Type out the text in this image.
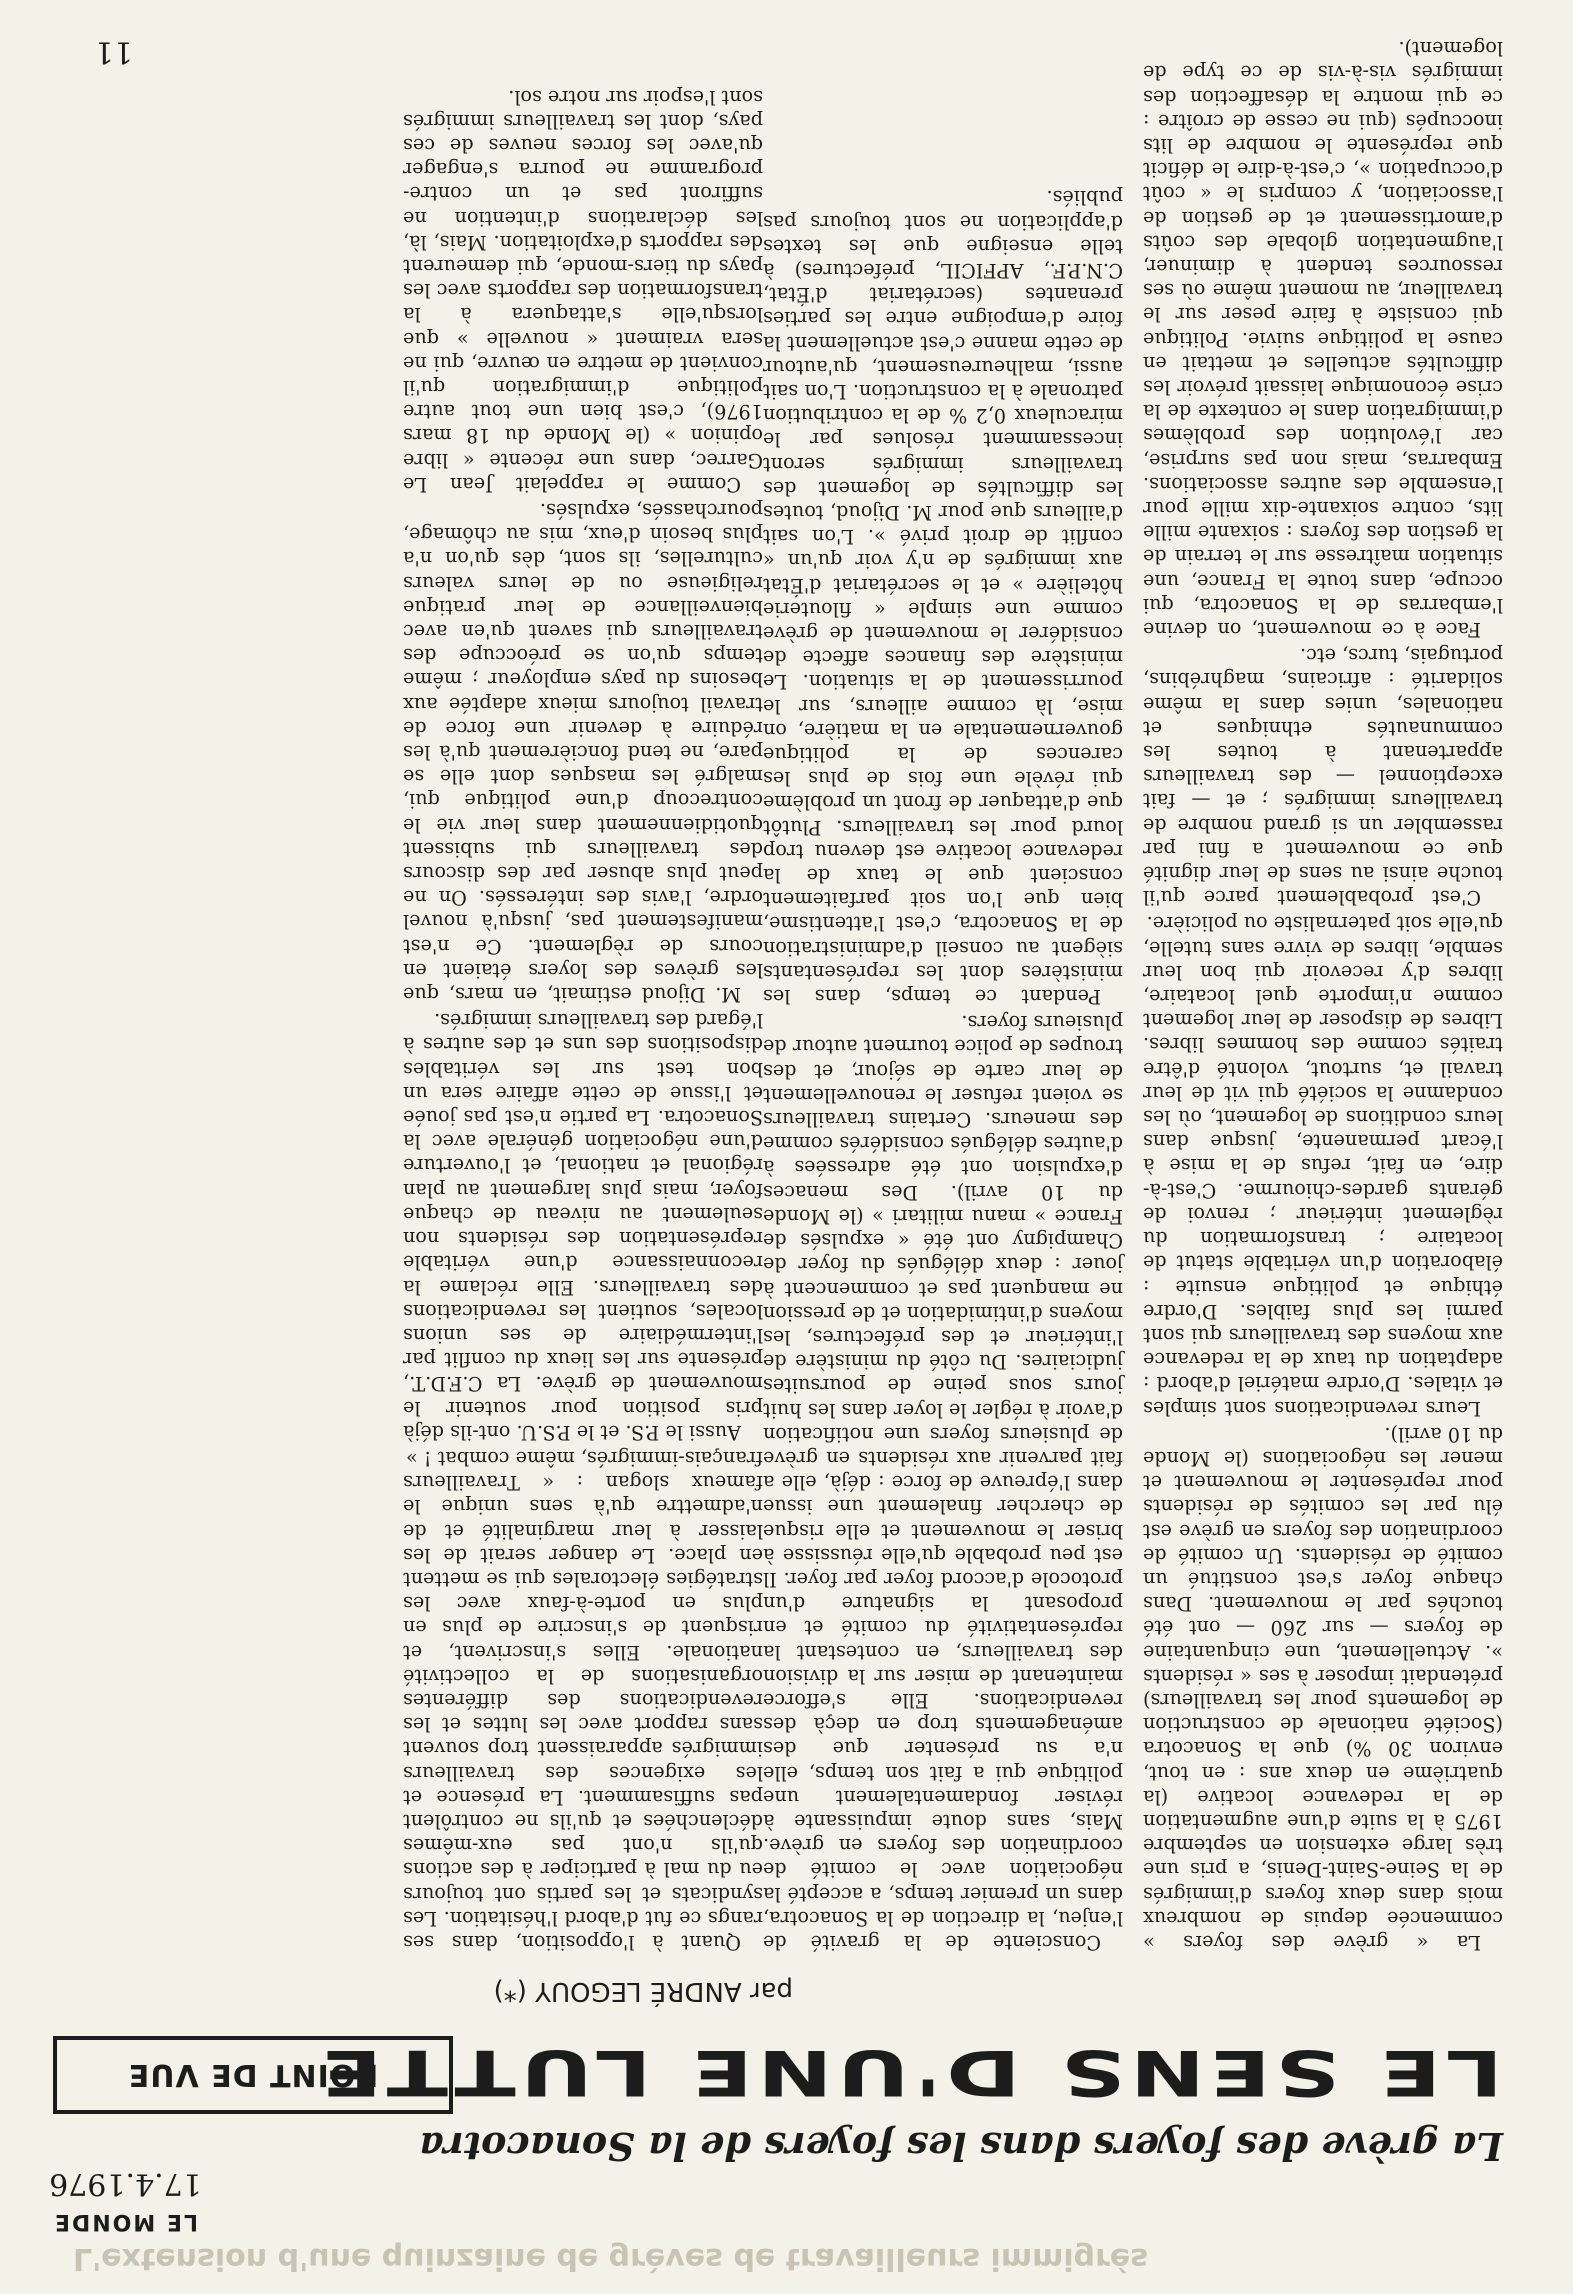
L'extension d'une quinzaine de grèves de travailleurs immigrés
LE MONDE
17.4.1976
La grève des foyers dans les foyers de la Sonacotra
LE SENS D'UNE LUTTE
POINT DE VUE
par ANDRÉ LEGOUY (*)

La « grève des foyers » commencée depuis de nombreux mois dans deux foyers d'immigrés de la Seine-Saint-Denis, a pris une très large extension en septembre 1975 à la suite d'une augmentation de la redevance locative (la quatrième en deux ans : en tout, environ 30 %) que la Sonacotra (Société nationale de construction de logements pour les travailleurs) prétendait imposer à ses « résidents ». Actuellement, une cinquantaine de foyers — sur 260 — ont été touchés par le mouvement. Dans chaque foyer s'est constitué un comité de résidents. Un comité de coordination des foyers en grève est élu par les comités de résidents pour représenter le mouvement et mener les négociations (le Monde du 10 avril).

Leurs revendications sont simples et vitales. D'ordre matériel d'abord : adaptation du taux de la redevance aux moyens des travailleurs qui sont parmi les plus faibles. D'ordre éthique et politique ensuite : élaboration d'un véritable statut de locataire ; transformation du règlement intérieur ; renvoi de gérants gardes-chiourme. C'est-à-dire, en fait, refus de la mise à l'écart permanente, jusque dans leurs conditions de logement, où les condamne la société qui vit de leur travail et, surtout, volonté d'être traités comme des hommes libres. Libres de disposer de leur logement comme n'importe quel locataire, libres d'y recevoir qui bon leur semble, libres de vivre sans tutelle, qu'elle soit paternaliste ou policière.

C'est probablement parce qu'il touche ainsi au sens de leur dignité que ce mouvement a fini par rassembler un si grand nombre de travailleurs immigrés ; et — fait exceptionnel — des travailleurs appartenant à toutes les communautés ethniques et nationales, unies dans la même solidarité : africains, maghrébins, portugais, turcs, etc.

Face à ce mouvement, on devine l'embarras de la Sonacotra, qui occupe, dans toute la France, une situation maîtresse sur le terrain de la gestion des foyers : soixante mille lits, contre soixante-dix mille pour l'ensemble des autres associations. Embarras, mais non pas surprise, car l'évolution des problèmes d'immigration dans le contexte de la crise économique laissait prévoir les difficultés actuelles et mettait en cause la politique suivie. Politique qui consiste à faire peser sur le travailleur, au moment même où ses ressources tendent à diminuer, l'augmentation globale des coûts d'amortissement et de gestion de l'association, y compris le « coût d'occupation », c'est-à-dire le déficit que représente le nombre de lits inoccupés (qui ne cesse de croître : ce qui montre la désaffection des immigrés vis-à-vis de ce type de logement).

Consciente de la gravité de l'enjeu, la direction de la Sonacotra, dans un premier temps, a accepté la négociation avec le comité de coordination des foyers en grève. Mais, sans doute impuissante à réviser fondamentalement une politique qui a fait son temps, elle n'a su présenter que des aménagements trop en deçà des revendications. Elle s'efforce maintenant de miser sur la division des travailleurs, en contestant la représentativité du comité et en proposant la signature d'un protocole d'accord foyer par foyer. Il est peu probable qu'elle réussisse à briser le mouvement et elle risque de chercher finalement une issue dans l'épreuve de force : déjà, elle a fait parvenir aux résidents en grève de plusieurs foyers une notification d'avoir à régler le loyer dans les huit jours sous peine de poursuites judiciaires. Du côté du ministère de l'intérieur et des préfectures, les moyens d'intimidation et de pression ne manquent pas et commencent à jouer : deux délégués du foyer de Champigny ont été « expulsés de France » manu militari » (le Monde du 10 avril). Des menaces d'expulsion ont été adressées à d'autres délégués considérés comme des meneurs. Certains travailleurs se voient refuser le renouvellement de leur carte de séjour, et des troupes de police tournent autour de plusieurs foyers.

Pendant ce temps, dans les ministères dont les représentants siègent au conseil d'administration de la Sonacotra, c'est l'attentisme, bien que l'on soit parfaitement conscient que le taux de la redevance locative est devenu trop lourd pour les travailleurs. Plutôt que d'attaquer de front un problème qui révèle une fois de plus les carences de la politique gouvernementale en la matière, on mise, là comme ailleurs, sur le pourrissement de la situation. Le ministère des finances affecte de considérer le mouvement de grève comme une simple « filouterie hôtelière » et le secrétariat d'État aux immigrés de n'y voir qu'un « conflit de droit privé ». L'on sait d'ailleurs que pour M. Dijoud, toutes les difficultés de logement des travailleurs immigrés seront incessamment résolues par le miraculeux 0,2 % de la contribution patronale à la construction. L'on sait aussi, malheureusement, qu'autour de cette manne c'est actuellement la foire d'empoigne entre les parties prenantes (secrétariat d'État, C.N.P.F., APFICIL, préfectures) à telle enseigne que les textes d'application ne sont toujours pas publiés.

Quant à l'opposition, dans ses rangs ce fut d'abord l'hésitation. Les syndicats et les partis ont toujours eu du mal à participer à des actions qu'ils n'ont pas eux-mêmes déclenchées et qu'ils ne contrôlent pas suffisamment. La présence et les exigences des travailleurs immigrés apparaissent trop souvent sans rapport avec les luttes et les revendications des différentes organisations de la collectivité nationale. Elles s'inscrivent, et risquent de s'inscrire de plus en plus en porte-à-faux avec les stratégies électorales qui se mettent en place. Le danger serait de les laisser à leur marginalité et de n'admettre qu'à sens unique le fameux slogan : « Travailleurs français-immigrés, même combat ! »

Aussi le P.S. et le P.S.U. ont-ils déjà pris position pour soutenir le mouvement de grève. La C.F.D.T., présente sur les lieux du conflit par l'intermédiaire de ses unions locales, soutient les revendications des travailleurs. Elle réclame la reconnaissance d'une véritable représentation des résidents non seulement au niveau de chaque foyer, mais plus largement au plan régional et national, et l'ouverture d'une négociation générale avec la Sonacotra. La partie n'est pas jouée et l'issue de cette affaire sera un bon test sur les véritables dispositions des uns et des autres à l'égard des travailleurs immigrés.

M. Dijoud estimait, en mars, que les grèves des loyers étaient en cours de règlement. Ce n'est manifestement pas, jusqu'à nouvel ordre, l'avis des intéressés. On ne peut plus abuser par des discours des travailleurs qui subissent quotidiennement dans leur vie le contrecoup d'une politique qui, malgré les masques dont elle se pare, ne tend foncièrement qu'à les réduire à devenir une force de travail toujours mieux adaptée aux besoins du pays employeur ; même temps qu'on se préoccupe des travailleurs qui savent qu'en avec bienveillance de leur pratique religieuse ou de leurs valeurs culturelles, ils sont, dès qu'on n'a plus besoin d'eux, mis au chômage, pourchassés, expulsés.

Comme le rappelait Jean Le Garrec, dans une récente « libre opinion » (le Monde du 18 mars 1976), c'est bien une tout autre politique d'immigration qu'il convient de mettre en œuvre, qui ne sera vraiment « nouvelle » que lorsqu'elle s'attaquera à la transformation des rapports avec les pays du tiers-monde, qui demeurent des rapports d'exploitation. Mais, là, les déclarations d'intention ne suffiront pas et un contre-programme ne pourra s'engager qu'avec les forces neuves de ces pays, dont les travailleurs immigrés sont l'espoir sur notre sol.

11
